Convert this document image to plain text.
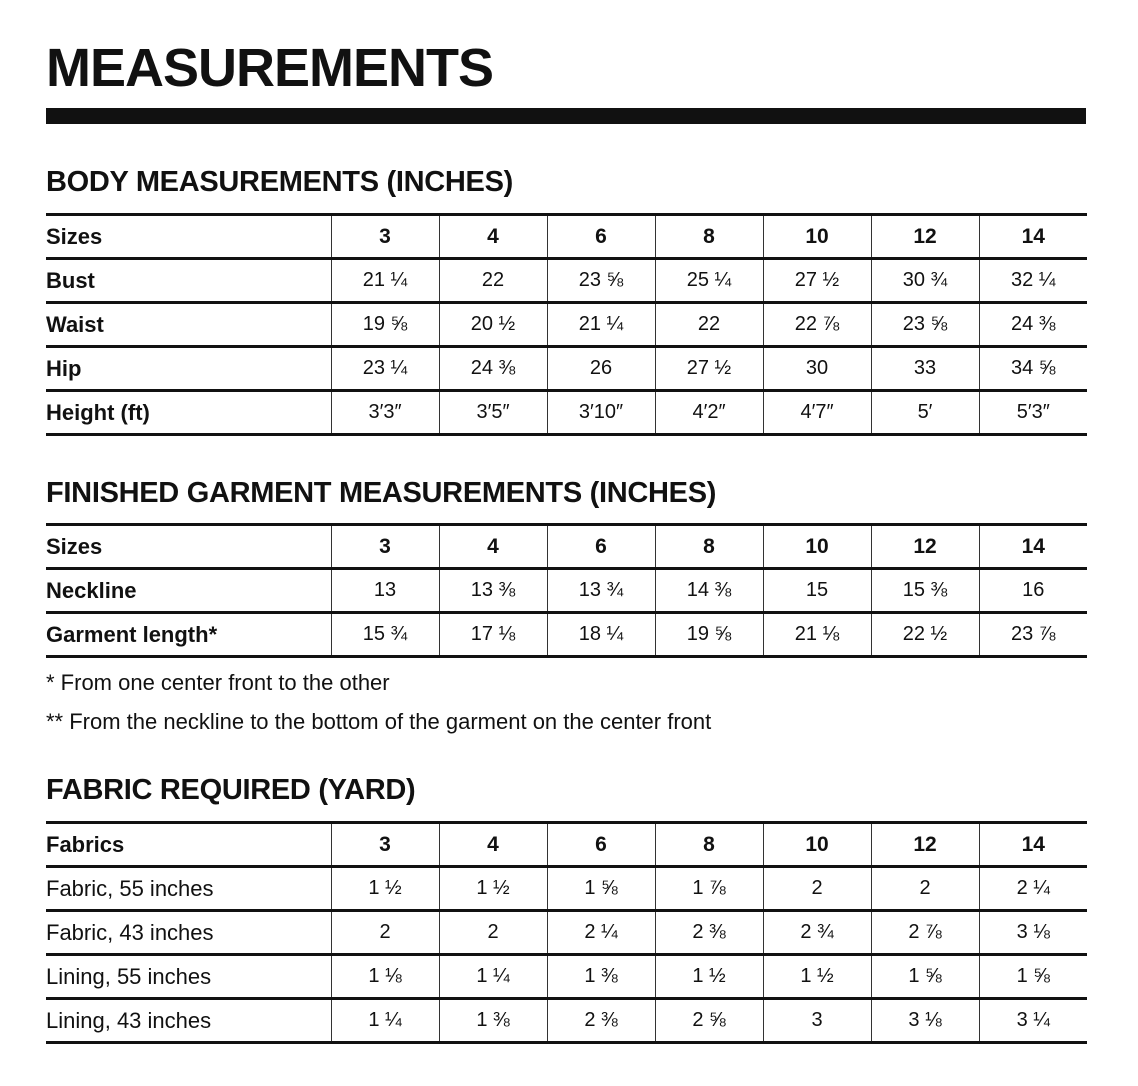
MEASUREMENTS
BODY MEASUREMENTS (INCHES)
Sizes	3	4	6	8	10	12	14
Bust	21 ¼	22	23 ⅝	25 ¼	27 ½	30 ¾	32 ¼
Waist	19 ⅝	20 ½	21 ¼	22	22 ⅞	23 ⅝	24 ⅜
Hip	23 ¼	24 ⅜	26	27 ½	30	33	34 ⅝
Height (ft)	3′3″	3′5″	3′10″	4′2″	4′7″	5′	5′3″
FINISHED GARMENT MEASUREMENTS (INCHES)
Sizes	3	4	6	8	10	12	14
Neckline	13	13 ⅜	13 ¾	14 ⅜	15	15 ⅜	16
Garment length*	15 ¾	17 ⅛	18 ¼	19 ⅝	21 ⅛	22 ½	23 ⅞

* From one center front to the other

** From the neckline to the bottom of the garment on the center front

FABRIC REQUIRED (YARD)
Fabrics	3	4	6	8	10	12	14
Fabric, 55 inches	1 ½	1 ½	1 ⅝	1 ⅞	2	2	2 ¼
Fabric, 43 inches	2	2	2 ¼	2 ⅜	2 ¾	2 ⅞	3 ⅛
Lining, 55 inches	1 ⅛	1 ¼	1 ⅜	1 ½	1 ½	1 ⅝	1 ⅝
Lining, 43 inches	1 ¼	1 ⅜	2 ⅜	2 ⅝	3	3 ⅛	3 ¼
